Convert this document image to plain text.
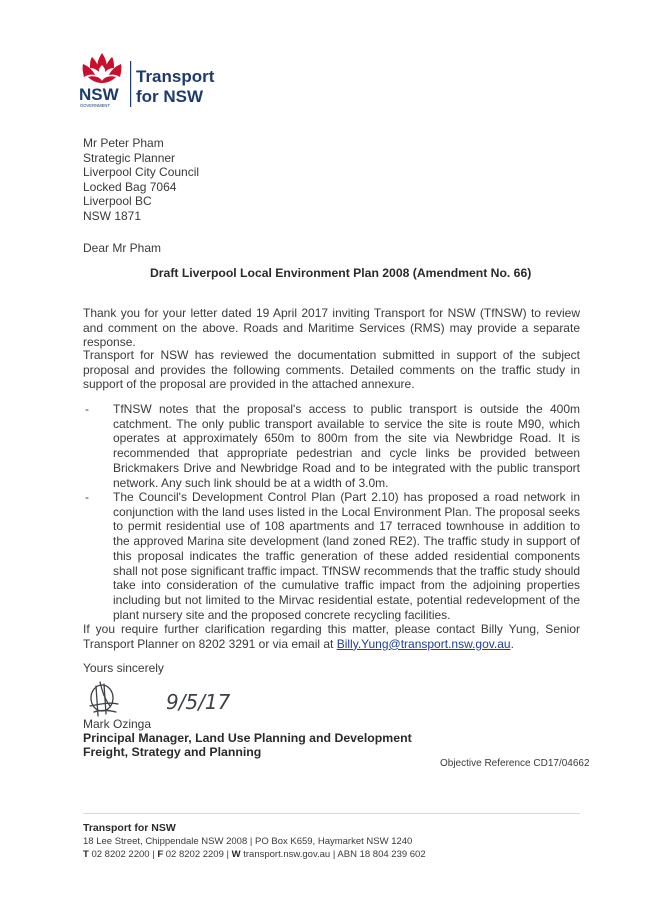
NSW
GOVERNMENT
Transport
for NSW
Mr Peter Pham
Strategic Planner
Liverpool City Council
Locked Bag 7064
Liverpool BC
NSW 1871
Dear Mr Pham
Draft Liverpool Local Environment Plan 2008 (Amendment No. 66)
Thank you for your letter dated 19 April 2017 inviting Transport for NSW (TfNSW) to review and comment on the above. Roads and Maritime Services (RMS) may provide a separate response.
Transport for NSW has reviewed the documentation submitted in support of the subject proposal and provides the following comments. Detailed comments on the traffic study in support of the proposal are provided in the attached annexure.
- TfNSW notes that the proposal's access to public transport is outside the 400m catchment. The only public transport available to service the site is route M90, which operates at approximately 650m to 800m from the site via Newbridge Road. It is recommended that appropriate pedestrian and cycle links be provided between Brickmakers Drive and Newbridge Road and to be integrated with the public transport network. Any such link should be at a width of 3.0m.
- The Council's Development Control Plan (Part 2.10) has proposed a road network in conjunction with the land uses listed in the Local Environment Plan. The proposal seeks to permit residential use of 108 apartments and 17 terraced townhouse in addition to the approved Marina site development (land zoned RE2). The traffic study in support of this proposal indicates the traffic generation of these added residential components shall not pose significant traffic impact. TfNSW recommends that the traffic study should take into consideration of the cumulative traffic impact from the adjoining properties including but not limited to the Mirvac residential estate, potential redevelopment of the plant nursery site and the proposed concrete recycling facilities.
If you require further clarification regarding this matter, please contact Billy Yung, Senior Transport Planner on 8202 3291 or via email at Billy.Yung@transport.nsw.gov.au.
Yours sincerely
9/5/17
Mark Ozinga
Principal Manager, Land Use Planning and Development
Freight, Strategy and Planning
Objective Reference CD17/04662
Transport for NSW
18 Lee Street, Chippendale NSW 2008 | PO Box K659, Haymarket NSW 1240
T 02 8202 2200 | F 02 8202 2209 | W transport.nsw.gov.au | ABN 18 804 239 602
